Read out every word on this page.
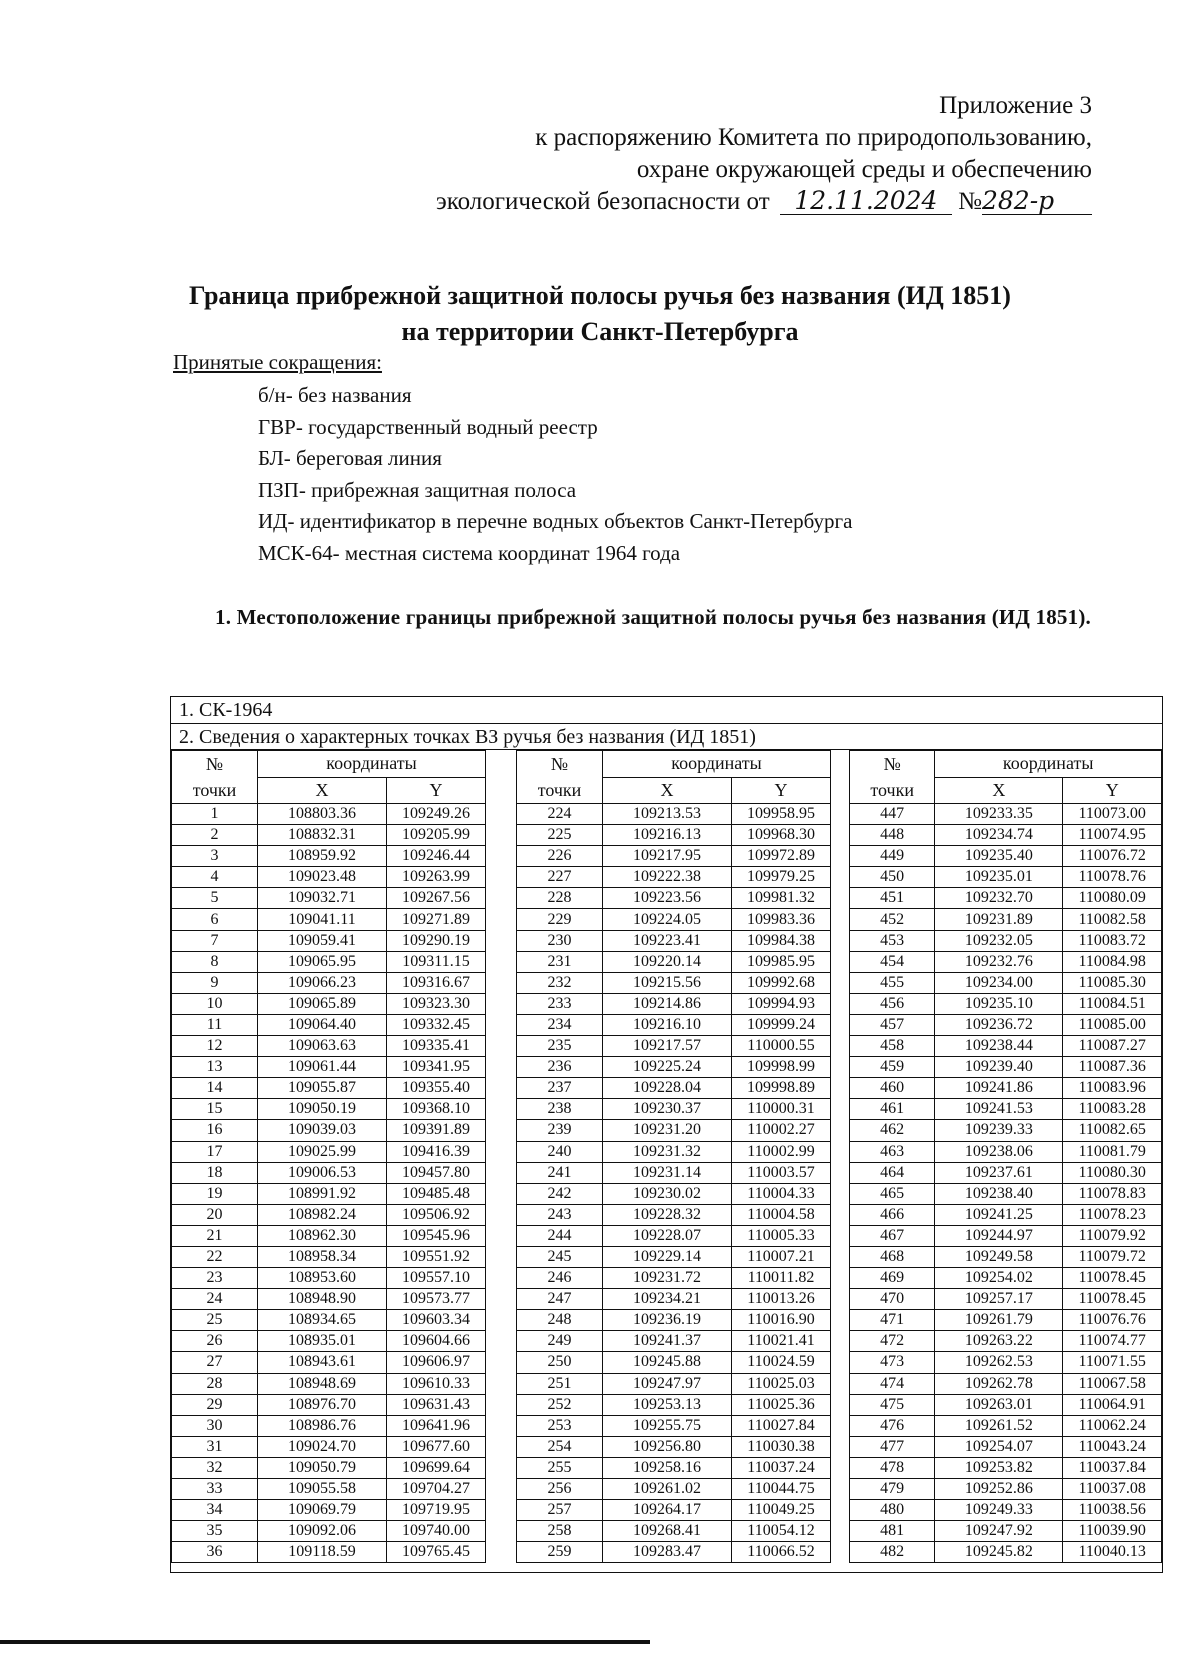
Приложение 3
к распоряжению Комитета по природопользованию,
охране окружающей среды и обеспечению
экологической безопасности от 12.11.2024 №282-р
Граница прибрежной защитной полосы ручья без названия (ИД 1851)
на территории Санкт-Петербурга
Принятые сокращения:
б/н- без названия
ГВР- государственный водный реестр
БЛ- береговая линия
ПЗП- прибрежная защитная полоса
ИД- идентификатор в перечне водных объектов Санкт-Петербурга
МСК-64- местная система координат 1964 года
1. Местоположение границы прибрежной защитной полосы ручья без названия (ИД 1851).
1. СК-1964
2. Сведения о характерных точках ВЗ ручья без названия (ИД 1851)
№	координаты	
точки	X	Y
1	108803.36	109249.26
2	108832.31	109205.99
3	108959.92	109246.44
4	109023.48	109263.99
5	109032.71	109267.56
6	109041.11	109271.89
7	109059.41	109290.19
8	109065.95	109311.15
9	109066.23	109316.67
10	109065.89	109323.30
11	109064.40	109332.45
12	109063.63	109335.41
13	109061.44	109341.95
14	109055.87	109355.40
15	109050.19	109368.10
16	109039.03	109391.89
17	109025.99	109416.39
18	109006.53	109457.80
19	108991.92	109485.48
20	108982.24	109506.92
21	108962.30	109545.96
22	108958.34	109551.92
23	108953.60	109557.10
24	108948.90	109573.77
25	108934.65	109603.34
26	108935.01	109604.66
27	108943.61	109606.97
28	108948.69	109610.33
29	108976.70	109631.43
30	108986.76	109641.96
31	109024.70	109677.60
32	109050.79	109699.64
33	109055.58	109704.27
34	109069.79	109719.95
35	109092.06	109740.00
36	109118.59	109765.45
№	координаты	
точки	X	Y
224	109213.53	109958.95
225	109216.13	109968.30
226	109217.95	109972.89
227	109222.38	109979.25
228	109223.56	109981.32
229	109224.05	109983.36
230	109223.41	109984.38
231	109220.14	109985.95
232	109215.56	109992.68
233	109214.86	109994.93
234	109216.10	109999.24
235	109217.57	110000.55
236	109225.24	109998.99
237	109228.04	109998.89
238	109230.37	110000.31
239	109231.20	110002.27
240	109231.32	110002.99
241	109231.14	110003.57
242	109230.02	110004.33
243	109228.32	110004.58
244	109228.07	110005.33
245	109229.14	110007.21
246	109231.72	110011.82
247	109234.21	110013.26
248	109236.19	110016.90
249	109241.37	110021.41
250	109245.88	110024.59
251	109247.97	110025.03
252	109253.13	110025.36
253	109255.75	110027.84
254	109256.80	110030.38
255	109258.16	110037.24
256	109261.02	110044.75
257	109264.17	110049.25
258	109268.41	110054.12
259	109283.47	110066.52
№	координаты	
точки	X	Y
447	109233.35	110073.00
448	109234.74	110074.95
449	109235.40	110076.72
450	109235.01	110078.76
451	109232.70	110080.09
452	109231.89	110082.58
453	109232.05	110083.72
454	109232.76	110084.98
455	109234.00	110085.30
456	109235.10	110084.51
457	109236.72	110085.00
458	109238.44	110087.27
459	109239.40	110087.36
460	109241.86	110083.96
461	109241.53	110083.28
462	109239.33	110082.65
463	109238.06	110081.79
464	109237.61	110080.30
465	109238.40	110078.83
466	109241.25	110078.23
467	109244.97	110079.92
468	109249.58	110079.72
469	109254.02	110078.45
470	109257.17	110078.45
471	109261.79	110076.76
472	109263.22	110074.77
473	109262.53	110071.55
474	109262.78	110067.58
475	109263.01	110064.91
476	109261.52	110062.24
477	109254.07	110043.24
478	109253.82	110037.84
479	109252.86	110037.08
480	109249.33	110038.56
481	109247.92	110039.90
482	109245.82	110040.13
